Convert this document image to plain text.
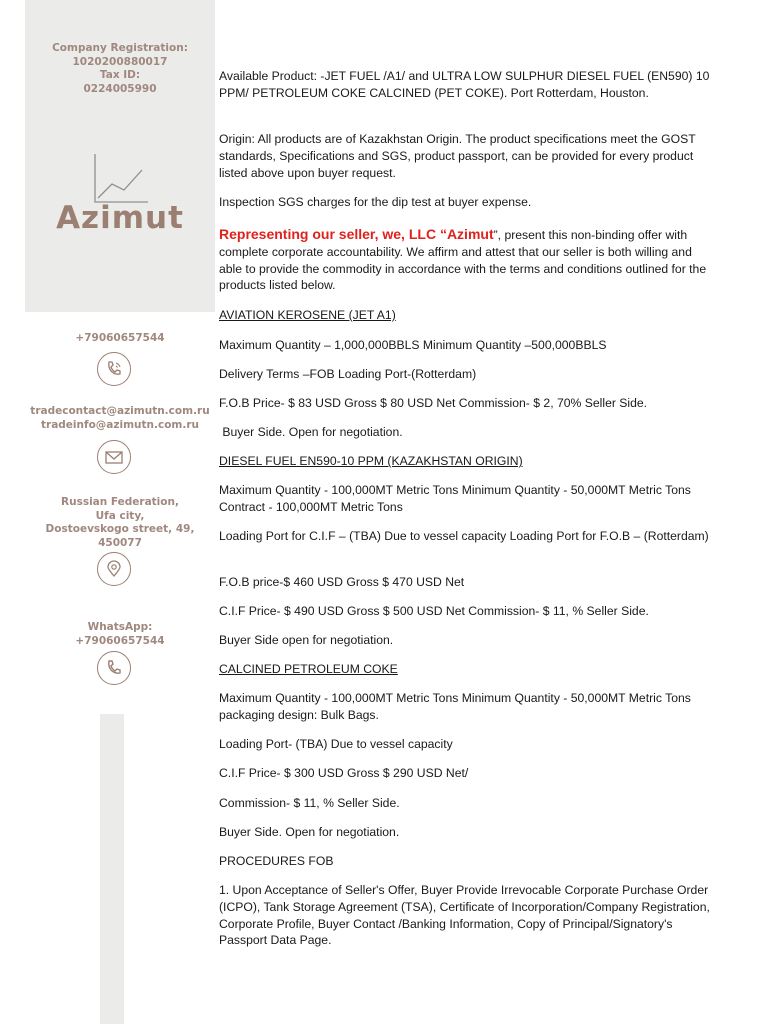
Company Registration:
1020200880017
Tax ID:
0224005990
Azimut
+79060657544
tradecontact@azimutn.com.ru
tradeinfo@azimutn.com.ru
Russian Federation,
Ufa city,
Dostoevskogo street, 49,
450077
WhatsApp:
+79060657544

Available Product: -JET FUEL /A1/ and ULTRA LOW SULPHUR DIESEL FUEL (EN590) 10 PPM/ PETROLEUM COKE CALCINED (PET COKE). Port Rotterdam, Houston.

Origin: All products are of Kazakhstan Origin. The product specifications meet the GOST standards, Specifications and SGS, product passport, can be provided for every product listed above upon buyer request.

Inspection SGS charges for the dip test at buyer expense.

Representing our seller, we, LLC “Azimut”, present this non-binding offer with complete corporate accountability. We affirm and attest that our seller is both willing and able to provide the commodity in accordance with the terms and conditions outlined for the products listed below.

AVIATION KEROSENE (JET A1)

Maximum Quantity – 1,000,000BBLS Minimum Quantity –500,000BBLS

Delivery Terms –FOB Loading Port-(Rotterdam)

F.O.B Price- $ 83 USD Gross $ 80 USD Net Commission- $ 2, 70% Seller Side.

Buyer Side. Open for negotiation.

DIESEL FUEL EN590-10 PPM (KAZAKHSTAN ORIGIN)

Maximum Quantity - 100,000MT Metric Tons Minimum Quantity - 50,000MT Metric Tons Contract - 100,000MT Metric Tons

Loading Port for C.I.F – (TBA) Due to vessel capacity Loading Port for F.O.B – (Rotterdam)

F.O.B price-$ 460 USD Gross $ 470 USD Net

C.I.F Price- $ 490 USD Gross $ 500 USD Net Commission- $ 11, % Seller Side.

Buyer Side open for negotiation.

CALCINED PETROLEUM COKE

Maximum Quantity - 100,000MT Metric Tons Minimum Quantity - 50,000MT Metric Tons packaging design: Bulk Bags.

Loading Port- (TBA) Due to vessel capacity

C.I.F Price- $ 300 USD Gross $ 290 USD Net/

Commission- $ 11, % Seller Side.

Buyer Side. Open for negotiation.

PROCEDURES FOB

1. Upon Acceptance of Seller's Offer, Buyer Provide Irrevocable Corporate Purchase Order (ICPO), Tank Storage Agreement (TSA), Certificate of Incorporation/Company Registration, Corporate Profile, Buyer Contact /Banking Information, Copy of Principal/Signatory's Passport Data Page.
